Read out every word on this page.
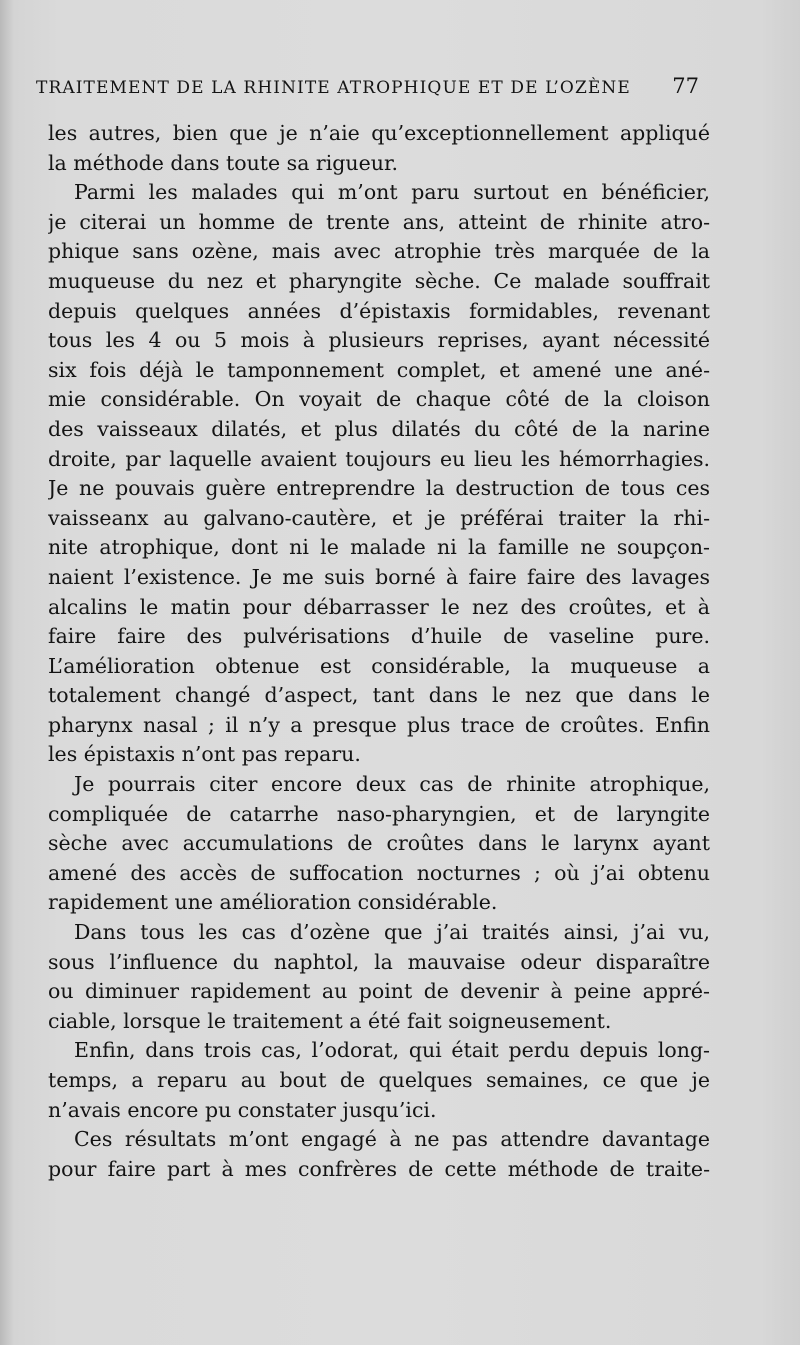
TRAITEMENT DE LA RHINITE ATROPHIQUE ET DE L’OZÈNE 77
les autres, bien que je n’aie qu’exceptionnellement appliqué
la méthode dans toute sa rigueur.
Parmi les malades qui m’ont paru surtout en bénéficier,
je citerai un homme de trente ans, atteint de rhinite atro-
phique sans ozène, mais avec atrophie très marquée de la
muqueuse du nez et pharyngite sèche. Ce malade souffrait
depuis quelques années d’épistaxis formidables, revenant
tous les 4 ou 5 mois à plusieurs reprises, ayant nécessité
six fois déjà le tamponnement complet, et amené une ané-
mie considérable. On voyait de chaque côté de la cloison
des vaisseaux dilatés, et plus dilatés du côté de la narine
droite, par laquelle avaient toujours eu lieu les hémorrhagies.
Je ne pouvais guère entreprendre la destruction de tous ces
vaisseanx au galvano-cautère, et je préférai traiter la rhi-
nite atrophique, dont ni le malade ni la famille ne soupçon-
naient l’existence. Je me suis borné à faire faire des lavages
alcalins le matin pour débarrasser le nez des croûtes, et à
faire faire des pulvérisations d’huile de vaseline pure.
L’amélioration obtenue est considérable, la muqueuse a
totalement changé d’aspect, tant dans le nez que dans le
pharynx nasal ; il n’y a presque plus trace de croûtes. Enfin
les épistaxis n’ont pas reparu.
Je pourrais citer encore deux cas de rhinite atrophique,
compliquée de catarrhe naso-pharyngien, et de laryngite
sèche avec accumulations de croûtes dans le larynx ayant
amené des accès de suffocation nocturnes ; où j’ai obtenu
rapidement une amélioration considérable.
Dans tous les cas d’ozène que j’ai traités ainsi, j’ai vu,
sous l’influence du naphtol, la mauvaise odeur disparaître
ou diminuer rapidement au point de devenir à peine appré-
ciable, lorsque le traitement a été fait soigneusement.
Enfin, dans trois cas, l’odorat, qui était perdu depuis long-
temps, a reparu au bout de quelques semaines, ce que je
n’avais encore pu constater jusqu’ici.
Ces résultats m’ont engagé à ne pas attendre davantage
pour faire part à mes confrères de cette méthode de traite-
